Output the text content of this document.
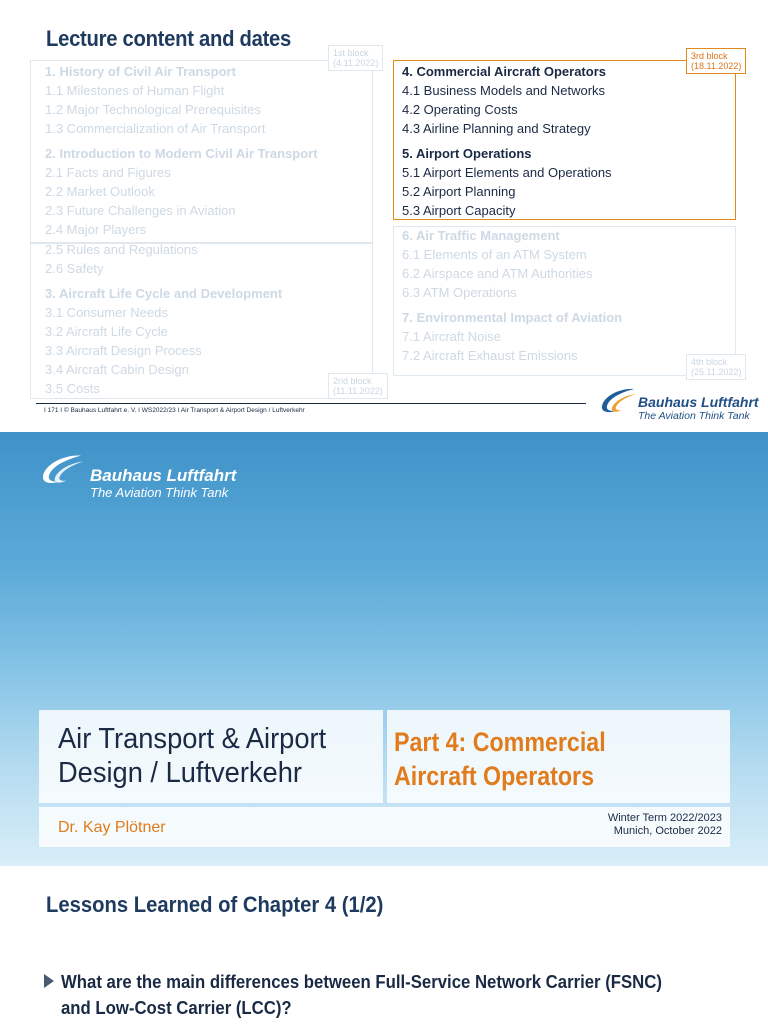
Lecture content and dates
1st block
(4.11.2022)
2nd block
(11.11.2022)
3rd block
(18.11.2022)
4th block
(25.11.2022)
1. History of Civil Air Transport
1.1 Milestones of Human Flight
1.2 Major Technological Prerequisites
1.3 Commercialization of Air Transport
2. Introduction to Modern Civil Air Transport
2.1 Facts and Figures
2.2 Market Outlook
2.3 Future Challenges in Aviation
2.4 Major Players
2.5 Rules and Regulations
2.6 Safety
3. Aircraft Life Cycle and Development
3.1 Consumer Needs
3.2 Aircraft Life Cycle
3.3 Aircraft Design Process
3.4 Aircraft Cabin Design
3.5 Costs
4. Commercial Aircraft Operators
4.1 Business Models and Networks
4.2 Operating Costs
4.3 Airline Planning and Strategy
5. Airport Operations
5.1 Airport Elements and Operations
5.2 Airport Planning
5.3 Airport Capacity
6. Air Traffic Management
6.1 Elements of an ATM System
6.2 Airspace and ATM Authorities
6.3 ATM Operations
7. Environmental Impact of Aviation
7.1 Aircraft Noise
7.2 Aircraft Exhaust Emissions
I 171 I © Bauhaus Luftfahrt e. V. I WS2022/23 I Air Transport & Airport Design / Luftverkehr
Bauhaus Luftfahrt
The Aviation Think Tank
Bauhaus Luftfahrt
The Aviation Think Tank
Air Transport & Airport
Design / Luftverkehr
Part 4: Commercial
Aircraft Operators
Dr. Kay Plötner
Winter Term 2022/2023
Munich, October 2022
Lessons Learned of Chapter 4 (1/2)
What are the main differences between Full-Service Network Carrier (FSNC)
and Low-Cost Carrier (LCC)?
